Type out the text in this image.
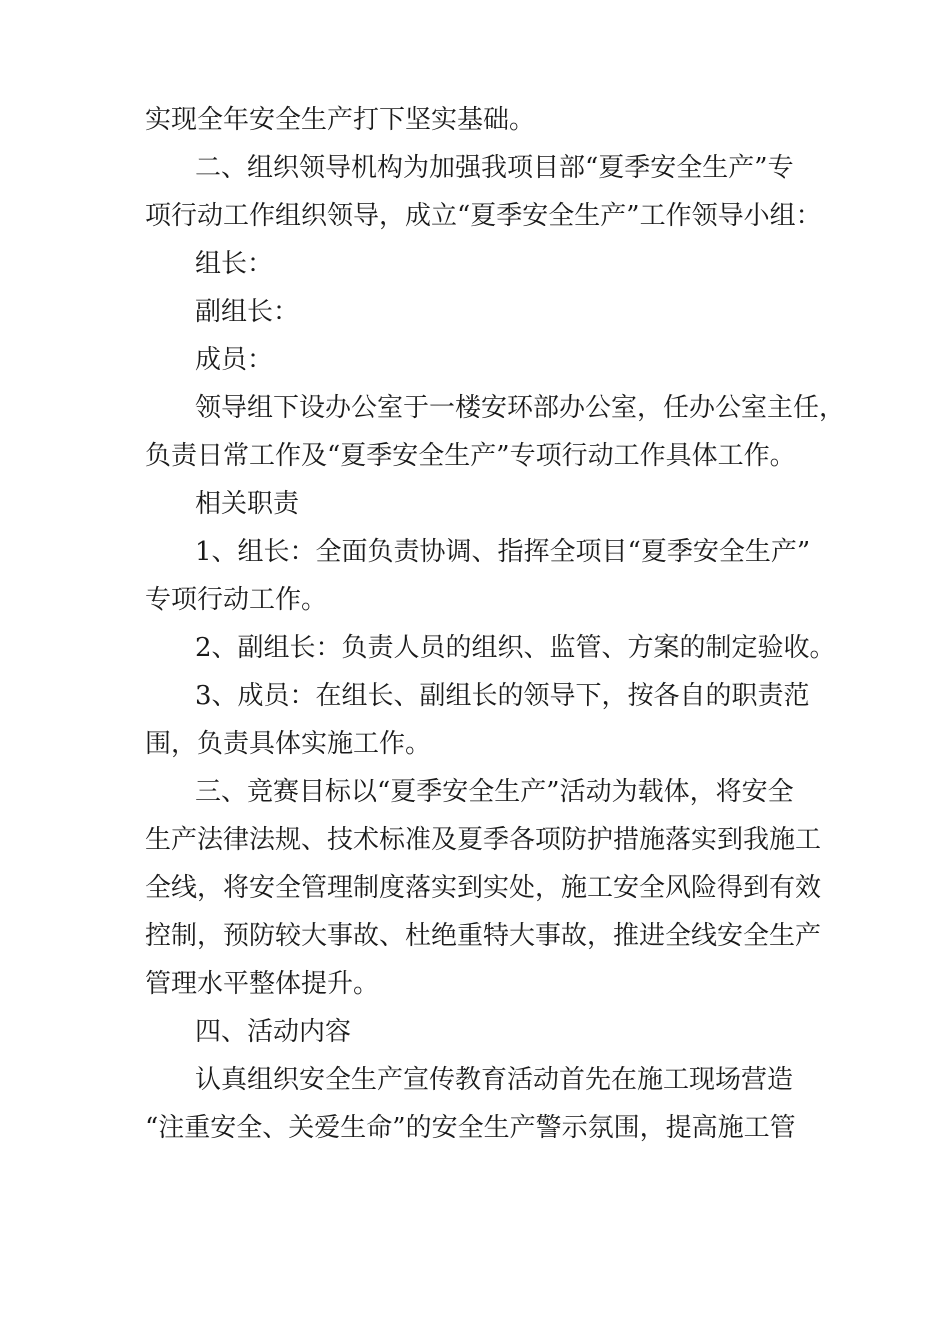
实现全年安全生产打下坚实基础。
二、组织领导机构为加强我项目部“夏季安全生产”专
项行动工作组织领导，成立“夏季安全生产”工作领导小组：
组长：
副组长：
成员：
领导组下设办公室于一楼安环部办公室，任办公室主任，
负责日常工作及“夏季安全生产”专项行动工作具体工作。
相关职责
1、组长：全面负责协调、指挥全项目“夏季安全生产”
专项行动工作。
2、副组长：负责人员的组织、监管、方案的制定验收。
3、成员：在组长、副组长的领导下，按各自的职责范
围，负责具体实施工作。
三、竞赛目标以“夏季安全生产”活动为载体，将安全
生产法律法规、技术标准及夏季各项防护措施落实到我施工
全线，将安全管理制度落实到实处，施工安全风险得到有效
控制，预防较大事故、杜绝重特大事故，推进全线安全生产
管理水平整体提升。
四、活动内容
认真组织安全生产宣传教育活动首先在施工现场营造
“注重安全、关爱生命”的安全生产警示氛围，提高施工管
